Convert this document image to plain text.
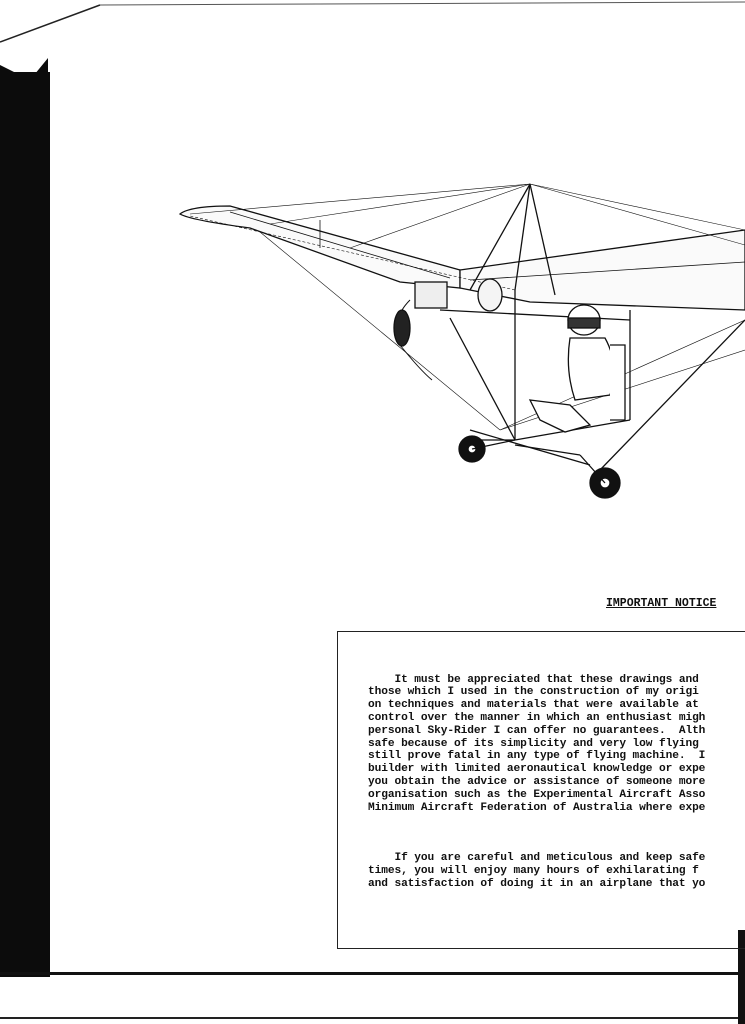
IMPORTANT NOTICE

It must be appreciated that these drawings and
those which I used in the construction of my origi
on techniques and materials that were available at
control over the manner in which an enthusiast migh
personal Sky-Rider I can offer no guarantees.  Alth
safe because of its simplicity and very low flying
still prove fatal in any type of flying machine.  I
builder with limited aeronautical knowledge or expe
you obtain the advice or assistance of someone more
organisation such as the Experimental Aircraft Asso
Minimum Aircraft Federation of Australia where expe

If you are careful and meticulous and keep safe
times, you will enjoy many hours of exhilarating f
and satisfaction of doing it in an airplane that yo
